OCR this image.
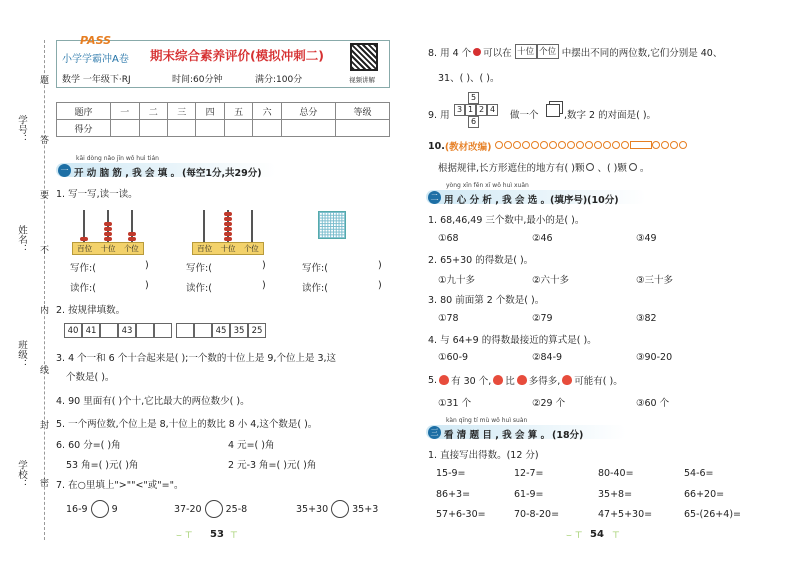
题
答
要
不
内
线
封
密
学号：
姓名：
班级：
学校：
PASS
小学学霸冲A卷 期末综合素养评价(模拟冲刺二)
数学 一年级下·RJ	时间:60分钟	满分:100分	视频讲解
题序	一	二	三	四	五	六	总分	等级
得分								
一
kāi dòng nǎo jīn wǒ huì tián
开 动 脑 筋 , 我 会 填 。 (每空1分,共29分)
1. 写一写,读一读。
百位	十位	个位	百位	十位	个位
写作:(	)	写作:(	)	写作:(	)
读作:(	)	读作:(	)	读作:(	)
2. 按规律填数。
40 41	43	45 35 25
3. 4 个一和 6 个十合起来是( );一个数的十位上是 9,个位上是 3,这
个数是( )。
4. 90 里面有( )个十,它比最大的两位数少( )。
5. 一个两位数,个位上是 8,十位上的数比 8 小 4,这个数是( )。
6. 60 分=( )角	4 元=( )角
53 角=( )元( )角	2 元-3 角=( )元( )角
7. 在○里填上">""<"或"="。
16-9	9	37-20	25-8	35+30	35+3
⌣ ⊤ 53 ⊤
8. 用 4 个 可以在 十位 个位 中摆出不同的两位数,它们分别是 40、
31、( )、( )。
9. 用
5
3 1 2 4
6
做一个	,数字 2 的对面是( )。
10. (教材改编)
根据规律,长方形遮住的地方有( )颗 、( )颗 。
二
yòng xīn fēn xī wǒ huì xuǎn
用 心 分 析 , 我 会 选 。 (填序号)(10分)
1. 68,46,49 三个数中,最小的是( )。
①68	②46	③49
2. 65+30 的得数是( )。
①九十多	②六十多	③三十多
3. 80 前面第 2 个数是( )。
①78	②79	③82
4. 与 64+9 的得数最接近的算式是( )。
①60-9	②84-9	③90-20
5. 有 30 个, 比 多得多, 可能有( )。
①31 个	②29 个	③60 个
三
kàn qīng tí mù wǒ huì suàn
看 清 题 目 , 我 会 算 。 (18分)
1. 直接写出得数。(12 分)
15-9=	12-7=	80-40=	54-6=
86+3=	61-9=	35+8=	66+20=
57+6-30=	70-8-20=	47+5+30=	65-(26+4)=
⌣ ⊤ 54 ⊤
